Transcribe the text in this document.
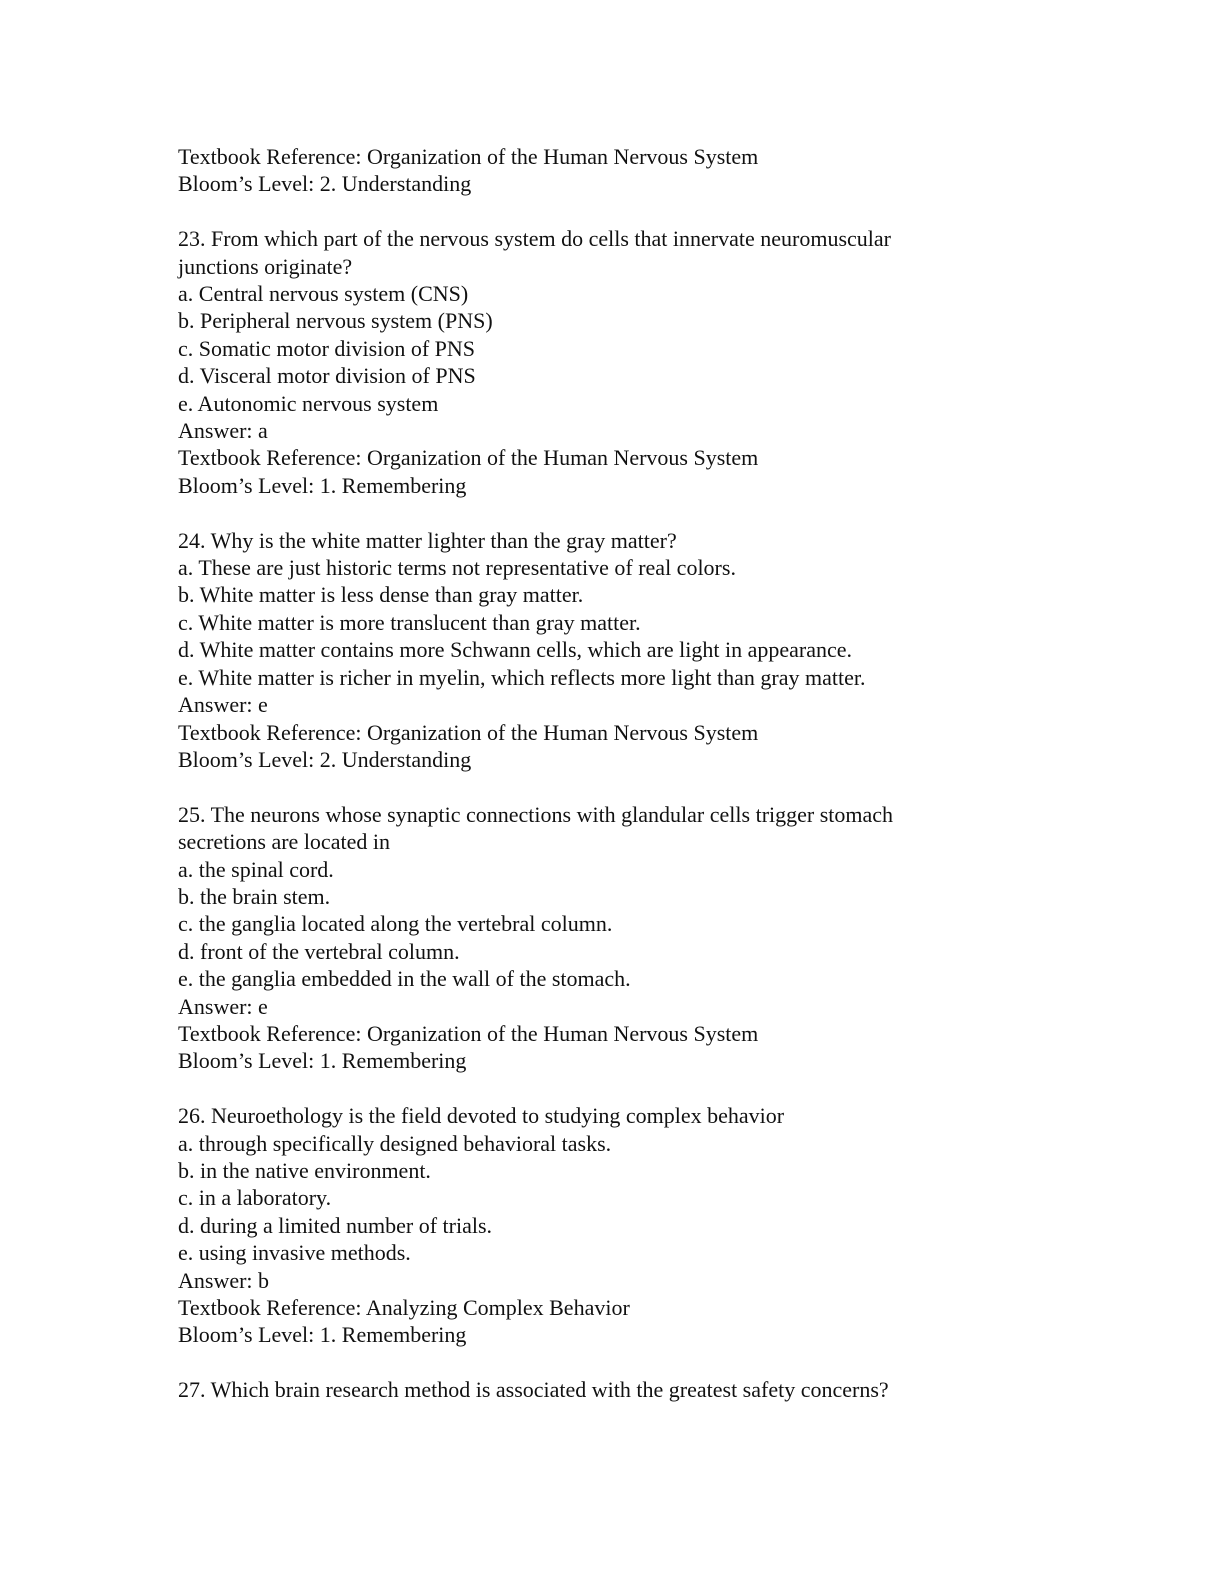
Textbook Reference: Organization of the Human Nervous System

Bloom’s Level: 2. Understanding

23. From which part of the nervous system do cells that innervate neuromuscular

junctions originate?

a. Central nervous system (CNS)

b. Peripheral nervous system (PNS)

c. Somatic motor division of PNS

d. Visceral motor division of PNS

e. Autonomic nervous system

Answer: a

Textbook Reference: Organization of the Human Nervous System

Bloom’s Level: 1. Remembering

24. Why is the white matter lighter than the gray matter?

a. These are just historic terms not representative of real colors.

b. White matter is less dense than gray matter.

c. White matter is more translucent than gray matter.

d. White matter contains more Schwann cells, which are light in appearance.

e. White matter is richer in myelin, which reflects more light than gray matter.

Answer: e

Textbook Reference: Organization of the Human Nervous System

Bloom’s Level: 2. Understanding

25. The neurons whose synaptic connections with glandular cells trigger stomach

secretions are located in

a. the spinal cord.

b. the brain stem.

c. the ganglia located along the vertebral column.

d. front of the vertebral column.

e. the ganglia embedded in the wall of the stomach.

Answer: e

Textbook Reference: Organization of the Human Nervous System

Bloom’s Level: 1. Remembering

26. Neuroethology is the field devoted to studying complex behavior

a. through specifically designed behavioral tasks.

b. in the native environment.

c. in a laboratory.

d. during a limited number of trials.

e. using invasive methods.

Answer: b

Textbook Reference: Analyzing Complex Behavior

Bloom’s Level: 1. Remembering

27. Which brain research method is associated with the greatest safety concerns?
